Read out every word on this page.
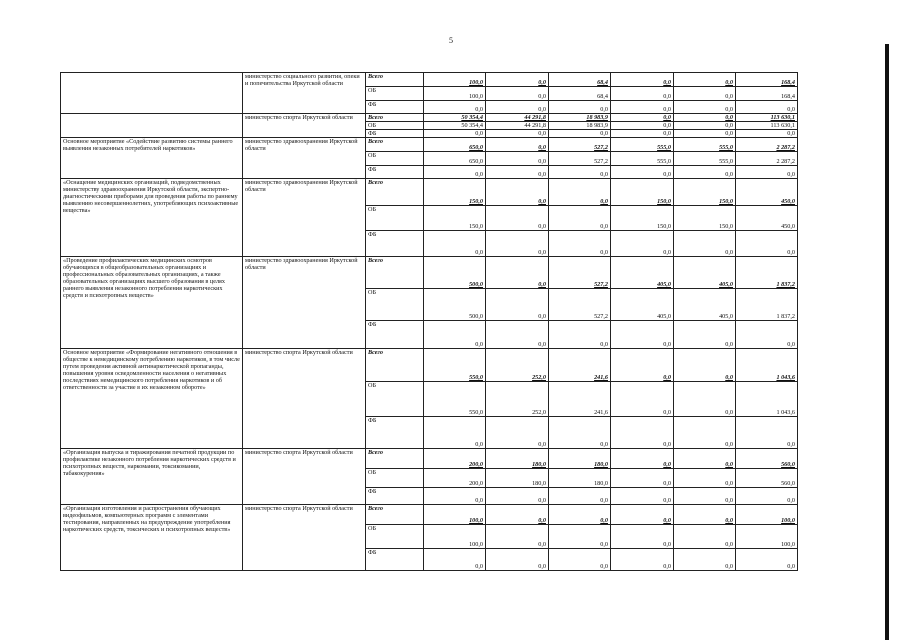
5
	министерство социального развития, опеки и попечительства Иркутской области	Всего	100,0	0,0	68,4	0,0	0,0	168,4
		ОБ	100,0	0,0	68,4	0,0	0,0	168,4
		ФБ	0,0	0,0	0,0	0,0	0,0	0,0
	министерство спорта Иркутской области	Всего	50 354,4	44 291,8	18 983,9	0,0	0,0	113 630,1
		ОБ	50 354,4	44 291,8	18 983,9	0,0	0,0	113 630,1
		ФБ	0,0	0,0	0,0	0,0	0,0	0,0
Основное мероприятие «Содействие развитию системы раннего выявления незаконных потребителей наркотиков»	министерство здравоохранения Иркутской области	Всего	650,0	0,0	527,2	555,0	555,0	2 287,2
		ОБ	650,0	0,0	527,2	555,0	555,0	2 287,2
		ФБ	0,0	0,0	0,0	0,0	0,0	0,0
«Оснащение медицинских организаций, подведомственных министерству здравоохранения Иркутской области, экспертно-диагностическими приборами для проведения работы по раннему выявлению несовершеннолетних, употребляющих психоактивные вещества»	министерство здравоохранения Иркутской области	Всего	150,0	0,0	0,0	150,0	150,0	450,0
		ОБ	150,0	0,0	0,0	150,0	150,0	450,0
		ФБ	0,0	0,0	0,0	0,0	0,0	0,0
«Проведение профилактических медицинских осмотров обучающихся в общеобразовательных организациях и профессиональных образовательных организациях, а также образовательных организациях высшего образования в целях раннего выявления незаконного потребления наркотических средств и психотропных веществ»	министерство здравоохранения Иркутской области	Всего	500,0	0,0	527,2	405,0	405,0	1 837,2
		ОБ	500,0	0,0	527,2	405,0	405,0	1 837,2
		ФБ	0,0	0,0	0,0	0,0	0,0	0,0
Основное мероприятие «Формирование негативного отношения в обществе к немедицинскому потреблению наркотиков, в том числе путем проведения активной антинаркотической пропаганды, повышения уровня осведомленности населения о негативных последствиях немедицинского потребления наркотиков и об ответственности за участие в их незаконном обороте»	министерство спорта Иркутской области	Всего	550,0	252,0	241,6	0,0	0,0	1 043,6
		ОБ	550,0	252,0	241,6	0,0	0,0	1 043,6
		ФБ	0,0	0,0	0,0	0,0	0,0	0,0
«Организация выпуска и тиражирования печатной продукции по профилактике незаконного потребления наркотических средств и психотропных веществ, наркомании, токсикомании, табакокурения»	министерство спорта Иркутской области	Всего	200,0	180,0	180,0	0,0	0,0	560,0
		ОБ	200,0	180,0	180,0	0,0	0,0	560,0
		ФБ	0,0	0,0	0,0	0,0	0,0	0,0
«Организация изготовления и распространения обучающих видеофильмов, компьютерных программ с элементами тестирования, направленных на предупреждение употребления наркотических средств, токсических и психотропных веществ»	министерство спорта Иркутской области	Всего	100,0	0,0	0,0	0,0	0,0	100,0
		ОБ	100,0	0,0	0,0	0,0	0,0	100,0
		ФБ	0,0	0,0	0,0	0,0	0,0	0,0
